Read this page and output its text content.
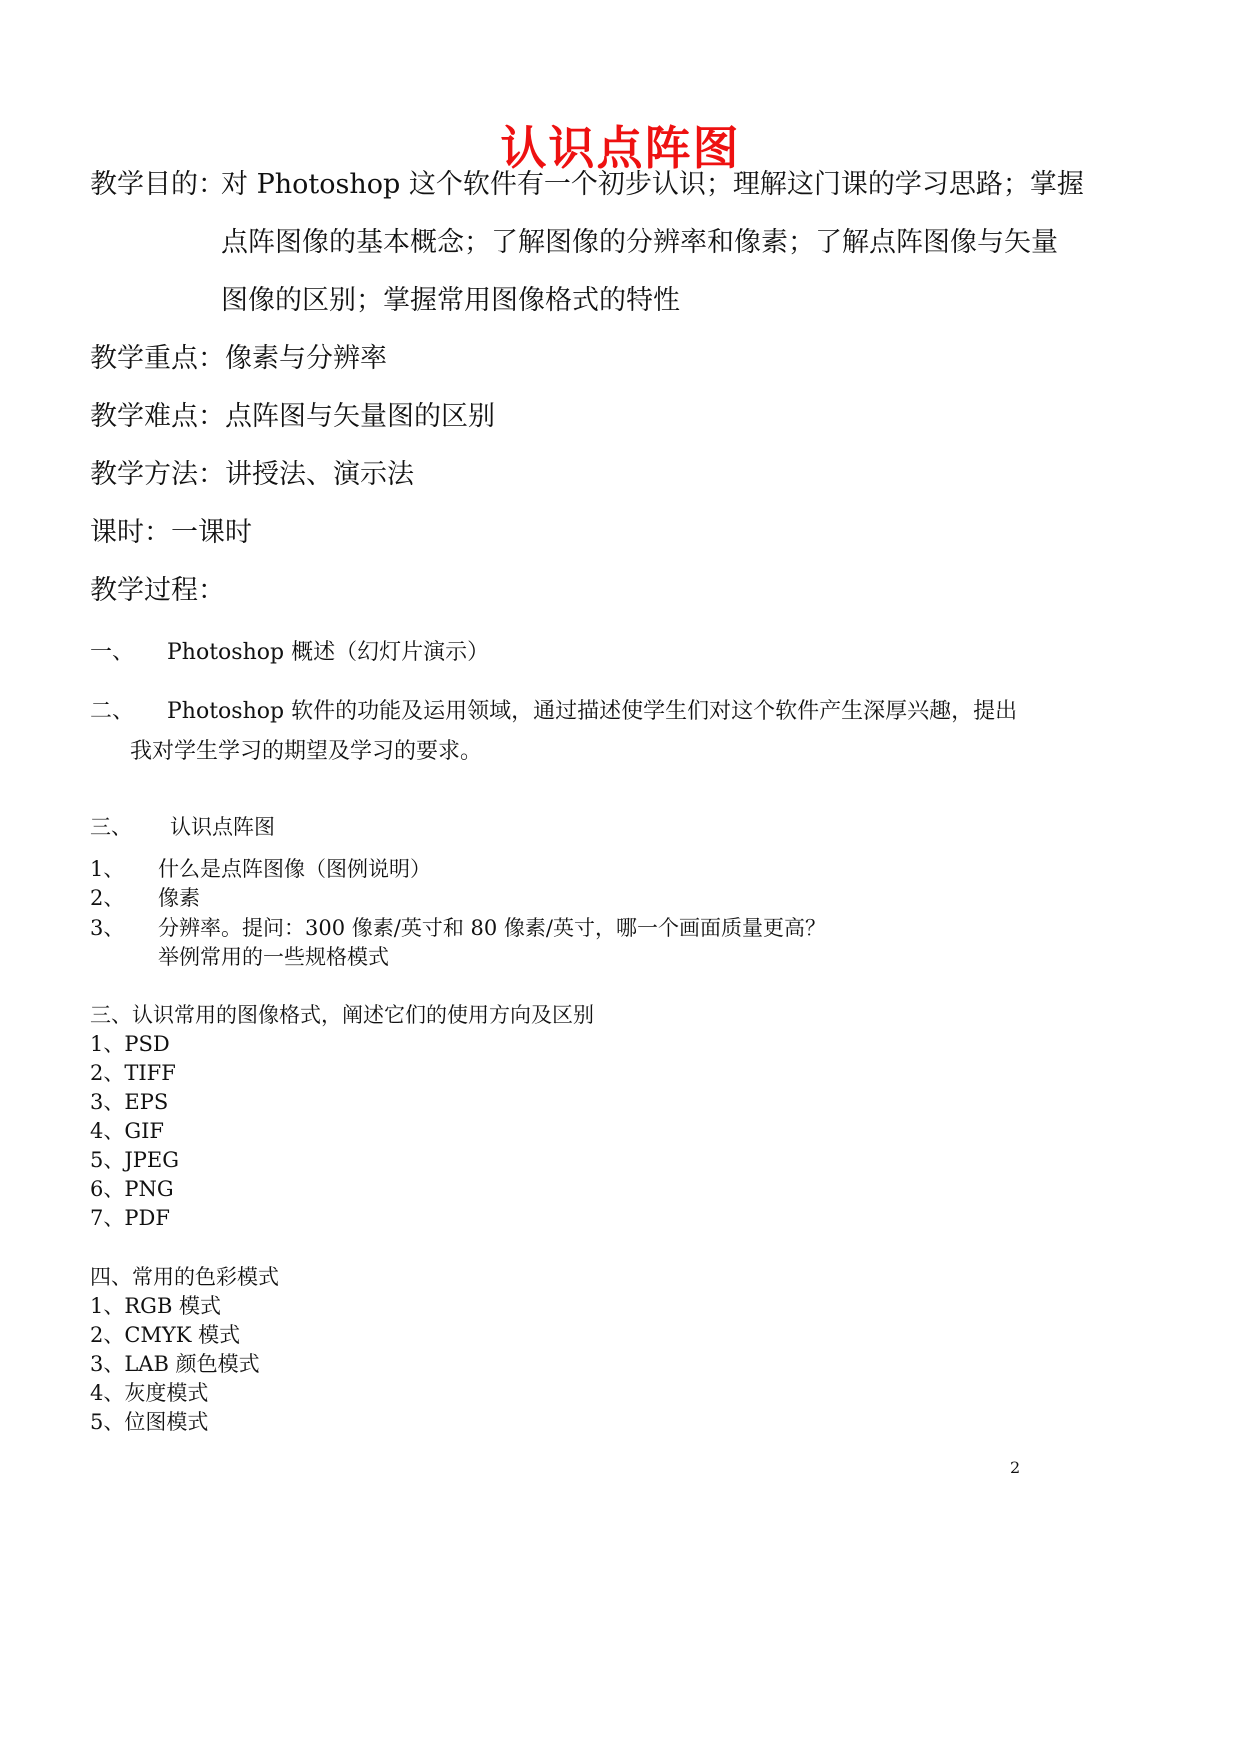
认识点阵图
教学目的：
对 Photoshop 这个软件有一个初步认识；理解这门课的学习思路；掌握
点阵图像的基本概念；了解图像的分辨率和像素；了解点阵图像与矢量
图像的区别；掌握常用图像格式的特性
教学重点：像素与分辨率
教学难点：点阵图与矢量图的区别
教学方法：讲授法、演示法
课时：一课时
教学过程：
一、 Photoshop 概述（幻灯片演示）
二、 Photoshop 软件的功能及运用领域，通过描述使学生们对这个软件产生深厚兴趣，提出
我对学生学习的期望及学习的要求。
三、 认识点阵图
1、 什么是点阵图像（图例说明）
2、 像素
3、 分辨率。提问：300 像素/英寸和 80 像素/英寸，哪一个画面质量更高？
举例常用的一些规格模式
三、认识常用的图像格式，阐述它们的使用方向及区别
1、PSD
2、TIFF
3、EPS
4、GIF
5、JPEG
6、PNG
7、PDF
四、常用的色彩模式
1、RGB 模式
2、CMYK 模式
3、LAB 颜色模式
4、灰度模式
5、位图模式
2
